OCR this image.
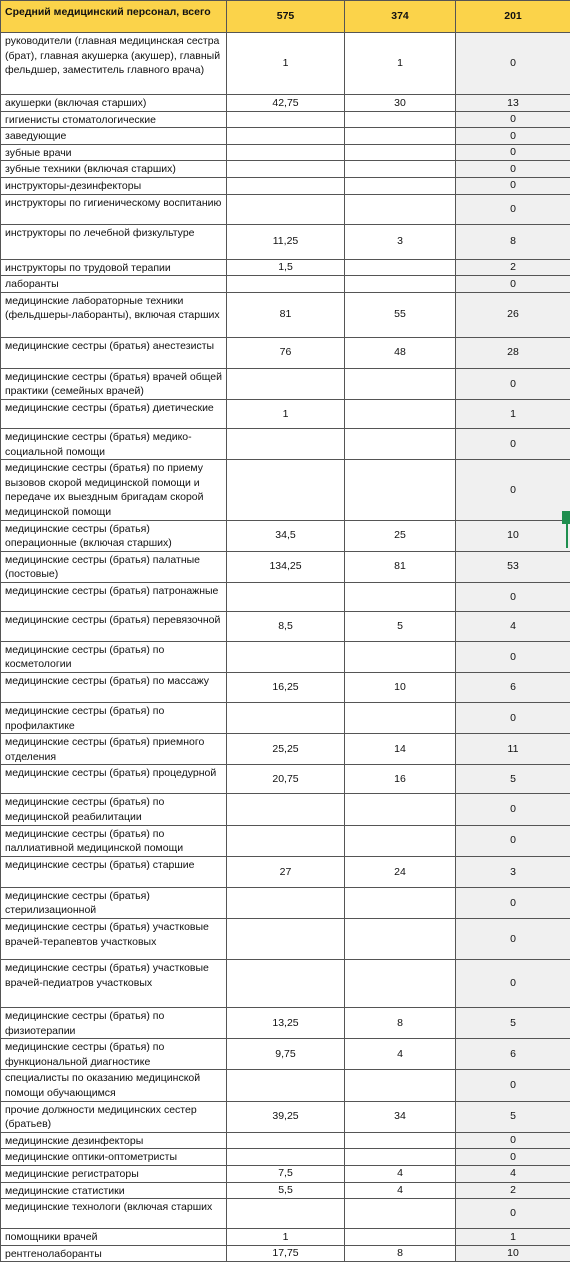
Средний медицинский персонал, всего	575	374	201
руководители (главная медицинская сестра (брат), главная акушерка (акушер), главный фельдшер, заместитель главного врача)	1	1	0
акушерки (включая старших)	42,75	30	13
гигиенисты стоматологические			0
заведующие			0
зубные врачи			0
зубные техники (включая старших)			0
инструкторы-дезинфекторы			0
инструкторы по гигиеническому воспитанию			0
инструкторы по лечебной физкультуре	11,25	3	8
инструкторы по трудовой терапии	1,5		2
лаборанты			0
медицинские лабораторные техники (фельдшеры-лаборанты), включая старших	81	55	26
медицинские сестры (братья) анестезисты	76	48	28
медицинские сестры (братья) врачей общей практики (семейных врачей)			0
медицинские сестры (братья) диетические	1		1
медицинские сестры (братья) медико-социальной помощи			0
медицинские сестры (братья) по приему вызовов скорой медицинской помощи и передаче их выездным бригадам скорой медицинской помощи			0
медицинские сестры (братья) операционные (включая старших)	34,5	25	10
медицинские сестры (братья) палатные (постовые)	134,25	81	53
медицинские сестры (братья) патронажные			0
медицинские сестры (братья) перевязочной	8,5	5	4
медицинские сестры (братья) по косметологии			0
медицинские сестры (братья) по массажу	16,25	10	6
медицинские сестры (братья) по профилактике			0
медицинские сестры (братья) приемного отделения	25,25	14	11
медицинские сестры (братья) процедурной	20,75	16	5
медицинские сестры (братья) по медицинской реабилитации			0
медицинские сестры (братья) по паллиативной медицинской помощи			0
медицинские сестры (братья) старшие	27	24	3
медицинские сестры (братья) стерилизационной			0
медицинские сестры (братья) участковые врачей-терапевтов участковых			0
медицинские сестры (братья) участковые врачей-педиатров участковых			0
медицинские сестры (братья) по физиотерапии	13,25	8	5
медицинские сестры (братья) по функциональной диагностике	9,75	4	6
специалисты по оказанию медицинской помощи обучающимся			0
прочие должности медицинских сестер (братьев)	39,25	34	5
медицинские дезинфекторы			0
медицинские оптики-оптометристы			0
медицинские регистраторы	7,5	4	4
медицинские статистики	5,5	4	2
медицинские технологи (включая старших			0
помощники врачей	1		1
рентгенолаборанты	17,75	8	10
